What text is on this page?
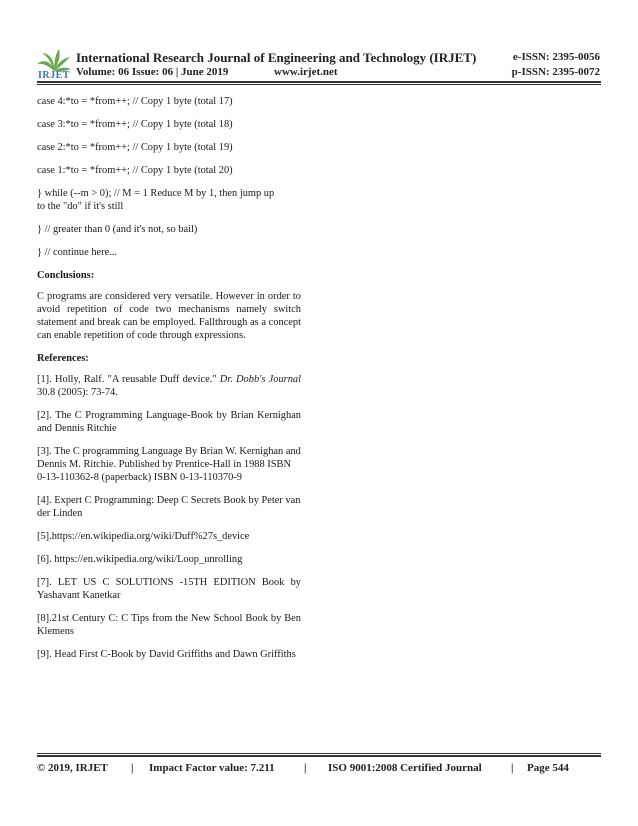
IRJET
International Research Journal of Engineering and Technology (IRJET)
Volume: 06 Issue: 06 | June 2019	www.irjet.net
e-ISSN: 2395-0056
p-ISSN: 2395-0072

case 4:*to = *from++; // Copy 1 byte (total 17)

case 3:*to = *from++; // Copy 1 byte (total 18)

case 2:*to = *from++; // Copy 1 byte (total 19)

case 1:*to = *from++; // Copy 1 byte (total 20)

} while (--m > 0); // M = 1 Reduce M by 1, then jump up
to the "do" if it's still

} // greater than 0 (and it's not, so bail)

} // continue here...

Conclusions:

C programs are considered very versatile. However in order to avoid repetition of code two mechanisms namely switch statement and break can be employed. Fallthrough as a concept can enable repetition of code through expressions.

References:

[1]. Holly, Ralf. "A reusable Duff device." Dr. Dobb's Journal 30.8 (2005): 73-74.

[2]. The C Programming Language-Book by Brian Kernighan and Dennis Ritchie

[3]. The C programming Language By Brian W. Kernighan and Dennis M. Ritchie. Published by Prentice-Hall in 1988 ISBN 0-13-110362-8 (paperback) ISBN 0-13-110370-9

[4]. Expert C Programming: Deep C Secrets Book by Peter van der Linden

[5].https://en.wikipedia.org/wiki/Duff%27s_device

[6]. https://en.wikipedia.org/wiki/Loop_unrolling

[7]. LET US C SOLUTIONS -15TH EDITION Book by Yashavant Kanetkar

[8].21st Century C: C Tips from the New School Book by Ben Klemens

[9]. Head First C-Book by David Griffiths and Dawn Griffiths

© 2019, IRJET | Impact Factor value: 7.211	| ISO 9001:2008 Certified Journal	| Page 544
